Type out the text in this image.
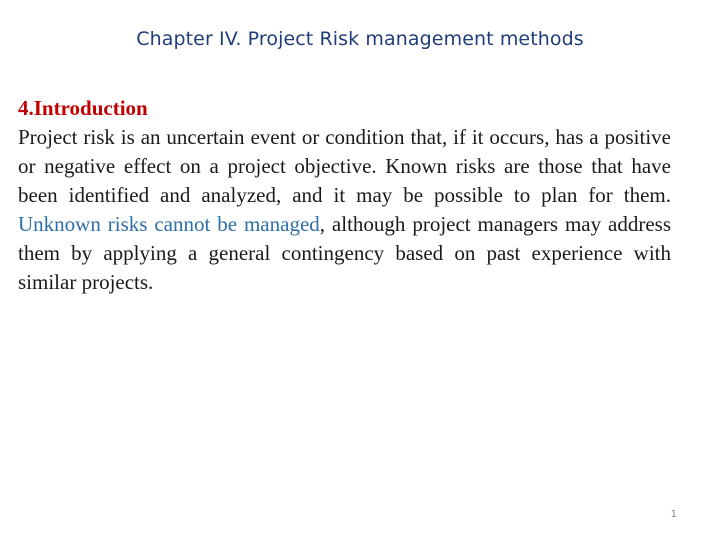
Chapter IV. Project Risk management methods
4.Introduction

Project risk is an uncertain event or condition that, if it occurs, has a positive or negative effect on a project objective. Known risks are those that have been identified and analyzed, and it may be possible to plan for them. Unknown risks cannot be managed, although project managers may address them by applying a general contingency based on past experience with similar projects.

1
